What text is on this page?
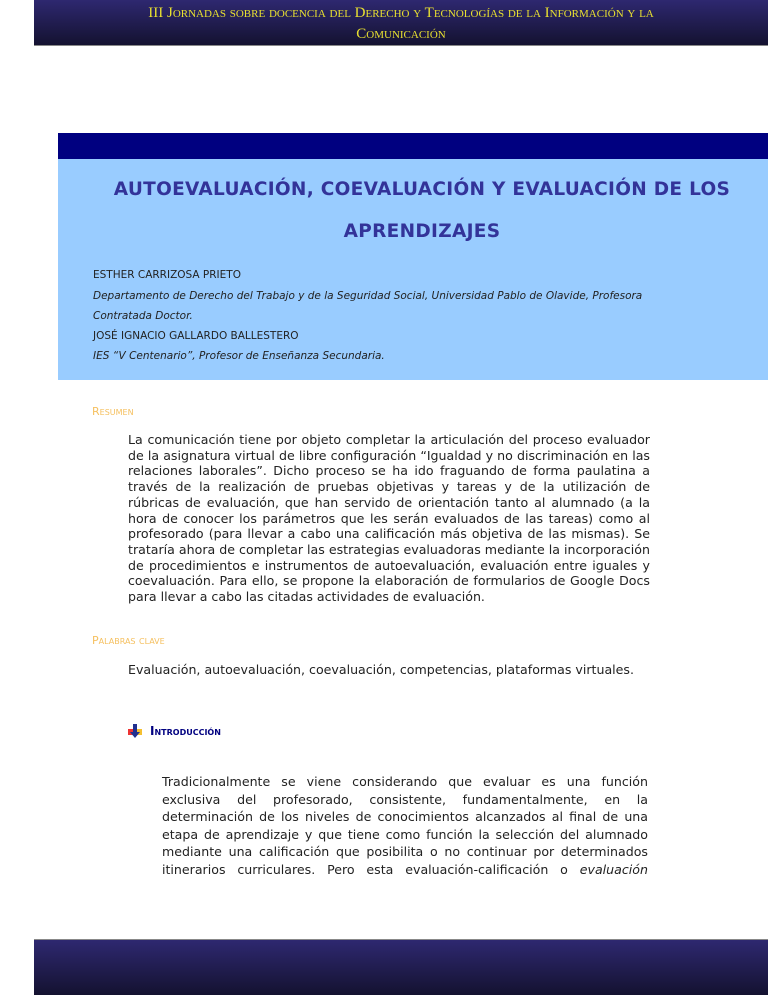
III Jornadas sobre docencia del Derecho y Tecnologías de la Información y la
Comunicación
AUTOEVALUACIÓN, COEVALUACIÓN Y EVALUACIÓN DE LOS
APRENDIZAJES
ESTHER CARRIZOSA PRIETO
Departamento de Derecho del Trabajo y de la Seguridad Social, Universidad Pablo de Olavide, Profesora
Contratada Doctor.
JOSÉ IGNACIO GALLARDO BALLESTERO
IES “V Centenario”, Profesor de Enseñanza Secundaria.
Resumen
La comunicación tiene por objeto completar la articulación del proceso evaluador de la asignatura virtual de libre configuración “Igualdad y no discriminación en las relaciones laborales”. Dicho proceso se ha ido fraguando de forma paulatina a través de la realización de pruebas objetivas y tareas y de la utilización de rúbricas de evaluación, que han servido de orientación tanto al alumnado (a la hora de conocer los parámetros que les serán evaluados de las tareas) como al profesorado (para llevar a cabo una calificación más objetiva de las mismas). Se trataría ahora de completar las estrategias evaluadoras mediante la incorporación de procedimientos e instrumentos de autoevaluación, evaluación entre iguales y coevaluación. Para ello, se propone la elaboración de formularios de Google Docs para llevar a cabo las citadas actividades de evaluación.
Palabras clave
Evaluación, autoevaluación, coevaluación, competencias, plataformas virtuales.
Introducción

Tradicionalmente se viene considerando que evaluar es una función

exclusiva del profesorado, consistente, fundamentalmente, en la

determinación de los niveles de conocimientos alcanzados al final de una

etapa de aprendizaje y que tiene como función la selección del alumnado

mediante una calificación que posibilita o no continuar por determinados

itinerarios curriculares. Pero esta evaluación-calificación o evaluación
